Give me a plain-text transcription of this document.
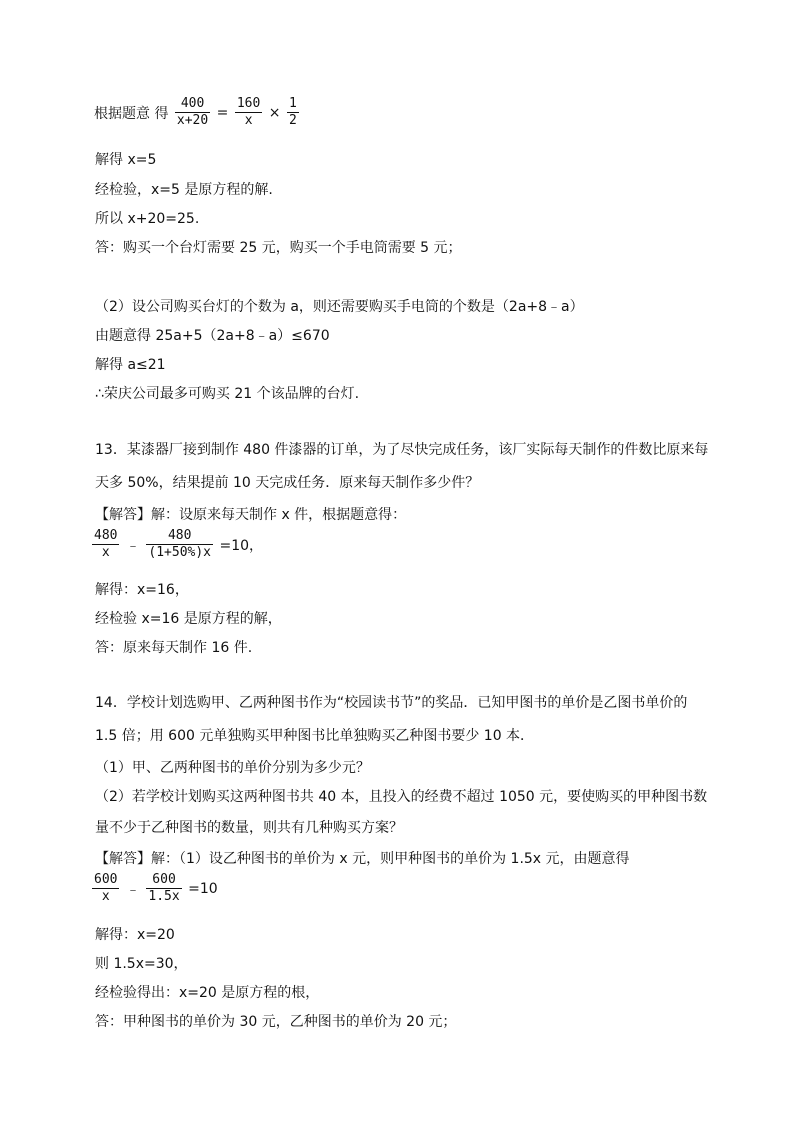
根据题意 得 $\frac{400}{x+20} = \frac{160}{x} \times \frac{1}{2}$
解得 x=5
经检验，x=5 是原方程的解.
所以 x+20=25.
答：购买一个台灯需要 25 元，购买一个手电筒需要 5 元；
（2）设公司购买台灯的个数为 a，则还需要购买手电筒的个数是（2a+8﹣a）
由题意得 25a+5（2a+8﹣a）≤670
解得 a≤21
∴荣庆公司最多可购买 21 个该品牌的台灯.
13．某漆器厂接到制作 480 件漆器的订单，为了尽快完成任务，该厂实际每天制作的件数比原来每
天多 50%，结果提前 10 天完成任务．原来每天制作多少件？
【解答】解：设原来每天制作 x 件，根据题意得：
$\frac{480}{x}$ ﹣ $\frac{480}{(1+50\%)x} =10$，
解得：x=16，
经检验 x=16 是原方程的解，
答：原来每天制作 16 件.
14．学校计划选购甲、乙两种图书作为“校园读书节”的奖品．已知甲图书的单价是乙图书单价的
1.5 倍；用 600 元单独购买甲种图书比单独购买乙种图书要少 10 本．
（1）甲、乙两种图书的单价分别为多少元？
（2）若学校计划购买这两种图书共 40 本，且投入的经费不超过 1050 元，要使购买的甲种图书数
量不少于乙种图书的数量，则共有几种购买方案？
【解答】解：（1）设乙种图书的单价为 x 元，则甲种图书的单价为 1.5x 元，由题意得
$\frac{600}{x}$ ﹣ $\frac{600}{1.5x} =10$
解得：x=20
则 1.5x=30，
经检验得出：x=20 是原方程的根，
答：甲种图书的单价为 30 元，乙种图书的单价为 20 元；
